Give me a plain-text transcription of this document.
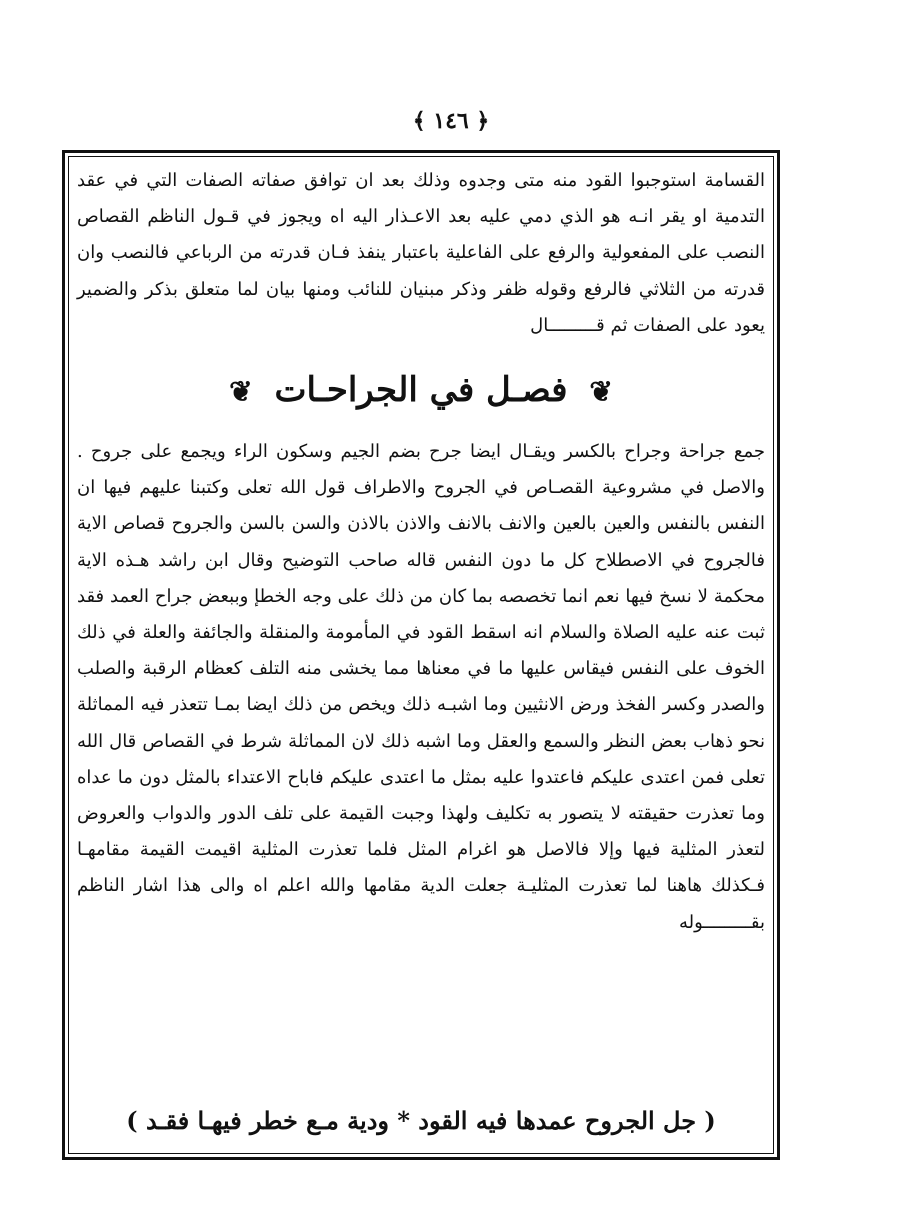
﴿ ١٤٦ ﴾

القسامة استوجبوا القود منه متى وجدوه وذلك بعد ان توافق صفاته الصفات التي في عقد التدمية او يقر انـه هو الذي دمي عليه بعد الاعـذار اليه اه ويجوز في قـول الناظم القصاص النصب على المفعولية والرفع على الفاعلية باعتبار ينفذ فـان قدرته من الرباعي فالنصب وان قدرته من الثلاثي فالرفع وقوله ظفر وذكر مبنيان للنائب ومنها بيان لما متعلق بذكر والضمير يعود على الصفات ثم قـــــــــال

❦ فصـل في الجراحـات ❦

جمع جراحة وجراح بالكسر ويقـال ايضا جرح بضم الجيم وسكون الراء ويجمع على جروح . والاصل في مشروعية القصـاص في الجروح والاطراف قول الله تعلى وكتبنا عليهم فيها ان النفس بالنفس والعين بالعين والانف بالانف والاذن بالاذن والسن بالسن والجروح قصاص الاية فالجروح في الاصطلاح كل ما دون النفس قاله صاحب التوضيح وقال ابن راشد هـذه الاية محكمة لا نسخ فيها نعم انما تخصصه بما كان من ذلك على وجه الخطإ وببعض جراح العمد فقد ثبت عنه عليه الصلاة والسلام انه اسقط القود في المأمومة والمنقلة والجائفة والعلة في ذلك الخوف على النفس فيقاس عليها ما في معناها مما يخشى منه التلف كعظام الرقبة والصلب والصدر وكسر الفخذ ورض الانثيين وما اشبـه ذلك ويخص من ذلك ايضا بمـا تتعذر فيه المماثلة نحو ذهاب بعض النظر والسمع والعقل وما اشبه ذلك لان المماثلة شرط في القصاص قال الله تعلى فمن اعتدى عليكم فاعتدوا عليه بمثل ما اعتدى عليكم فاباح الاعتداء بالمثل دون ما عداه وما تعذرت حقيقته لا يتصور به تكليف ولهذا وجبت القيمة على تلف الدور والدواب والعروض لتعذر المثلية فيها وإلا فالاصل هو اغرام المثل فلما تعذرت المثلية اقيمت القيمة مقامهـا فـكذلك هاهنا لما تعذرت المثليـة جعلت الدية مقامها والله اعلم اه والى هذا اشار الناظم بقـــــــــوله

( جل الجروح عمدها فيه القود * ودية مـع خطر فيهـا فقـد )
